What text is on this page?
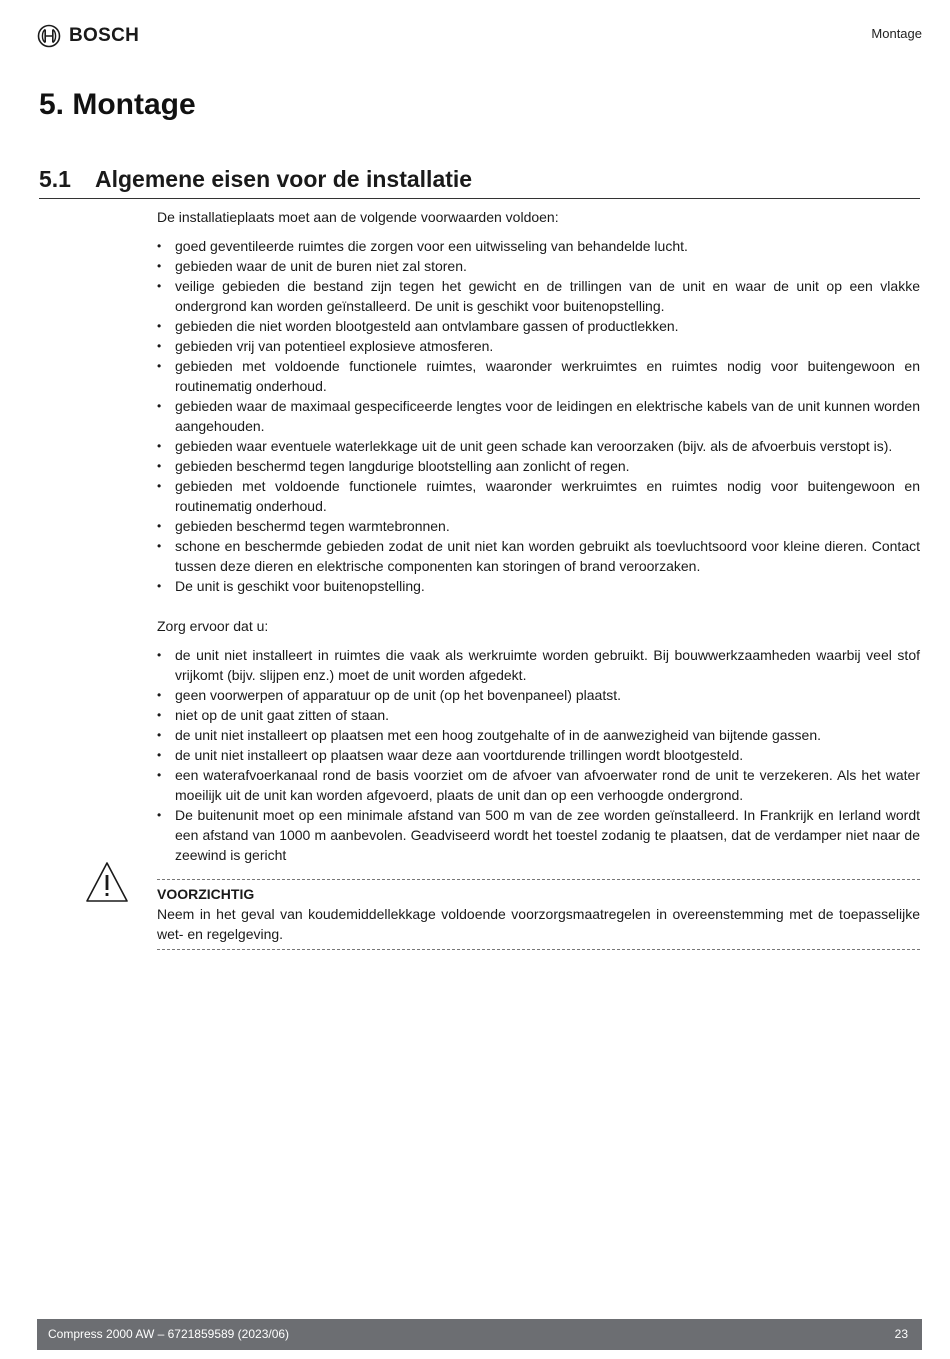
BOSCH	Montage
5. Montage
5.1 Algemene eisen voor de installatie

De installatieplaats moet aan de volgende voorwaarden voldoen:

• goed geventileerde ruimtes die zorgen voor een uitwisseling van behandelde lucht.
• gebieden waar de unit de buren niet zal storen.
• veilige gebieden die bestand zijn tegen het gewicht en de trillingen van de unit en waar de unit op een vlakke ondergrond kan worden geïnstalleerd. De unit is geschikt voor buitenopstelling.
• gebieden die niet worden blootgesteld aan ontvlambare gassen of productlekken.
• gebieden vrij van potentieel explosieve atmosferen.
• gebieden met voldoende functionele ruimtes, waaronder werkruimtes en ruimtes nodig voor buitengewoon en routinematig onderhoud.
• gebieden waar de maximaal gespecificeerde lengtes voor de leidingen en elektrische kabels van de unit kunnen worden aangehouden.
• gebieden waar eventuele waterlekkage uit de unit geen schade kan veroorzaken (bijv. als de afvoerbuis verstopt is).
• gebieden beschermd tegen langdurige blootstelling aan zonlicht of regen.
• gebieden met voldoende functionele ruimtes, waaronder werkruimtes en ruimtes nodig voor buitengewoon en routinematig onderhoud.
• gebieden beschermd tegen warmtebronnen.
• schone en beschermde gebieden zodat de unit niet kan worden gebruikt als toevluchtsoord voor kleine dieren. Contact tussen deze dieren en elektrische componenten kan storingen of brand veroorzaken.
• De unit is geschikt voor buitenopstelling.

Zorg ervoor dat u:

• de unit niet installeert in ruimtes die vaak als werkruimte worden gebruikt. Bij bouwwerkzaamheden waarbij veel stof vrijkomt (bijv. slijpen enz.) moet de unit worden afgedekt.
• geen voorwerpen of apparatuur op de unit (op het bovenpaneel) plaatst.
• niet op de unit gaat zitten of staan.
• de unit niet installeert op plaatsen met een hoog zoutgehalte of in de aanwezigheid van bijtende gassen.
• de unit niet installeert op plaatsen waar deze aan voortdurende trillingen wordt blootgesteld.
• een waterafvoerkanaal rond de basis voorziet om de afvoer van afvoerwater rond de unit te verzekeren. Als het water moeilijk uit de unit kan worden afgevoerd, plaats de unit dan op een verhoogde ondergrond.
• De buitenunit moet op een minimale afstand van 500 m van de zee worden geïnstalleerd. In Frankrijk en Ierland wordt een afstand van 1000 m aanbevolen. Geadviseerd wordt het toestel zodanig te plaatsen, dat de verdamper niet naar de zeewind is gericht
VOORZICHTIG
Neem in het geval van koudemiddellekkage voldoende voorzorgsmaatregelen in overeenstemming met de toepasselijke wet- en regelgeving.
Compress 2000 AW – 6721859589 (2023/06)	23
